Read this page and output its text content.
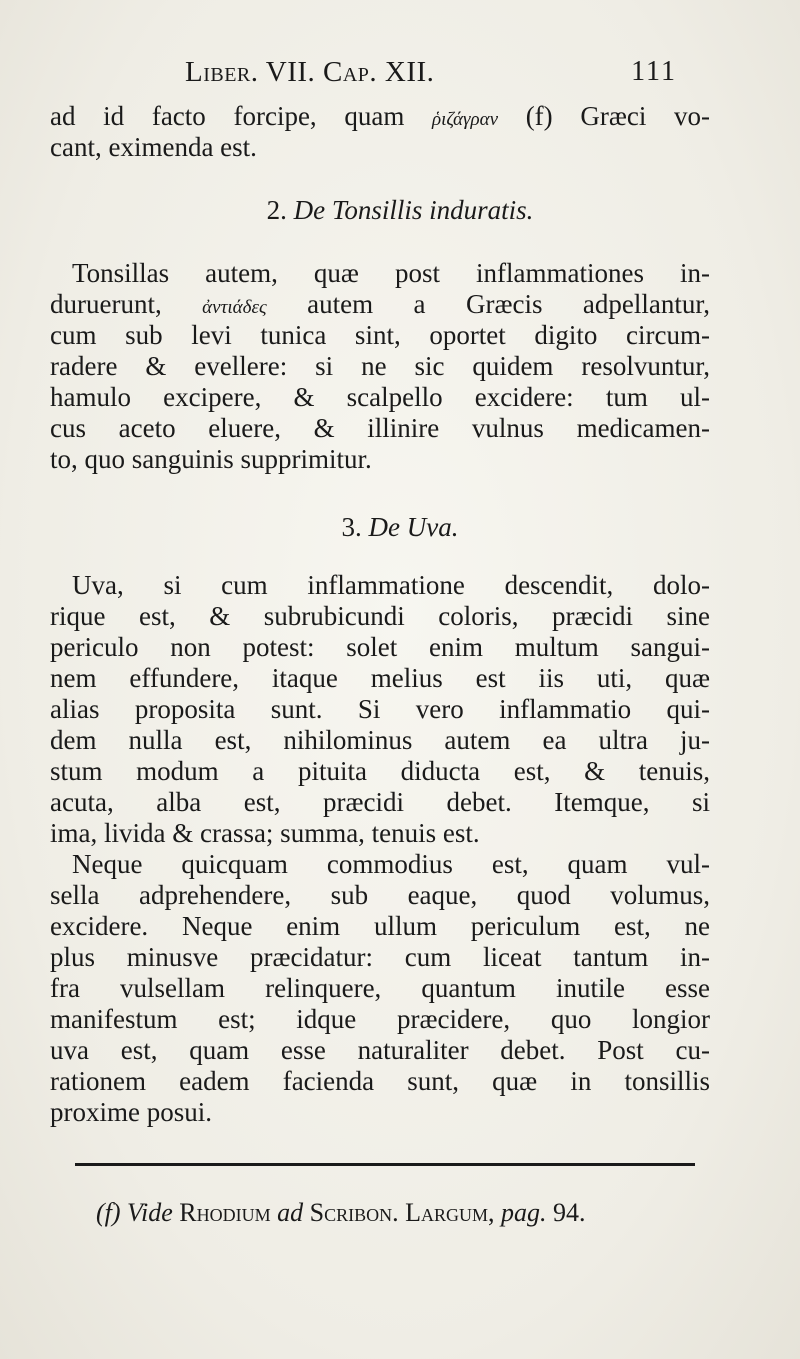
Liber. VII. Cap. XII.	111
ad id facto forcipe, quam ῥιζάγραν (f) Græci vo-
cant, eximenda est.
2. De Tonsillis induratis.
Tonsillas autem, quæ post inflammationes in-
duruerunt, ἀντιάδες autem a Græcis adpellantur,
cum sub levi tunica sint, oportet digito circum-
radere & evellere: si ne sic quidem resolvuntur,
hamulo excipere, & scalpello excidere: tum ul-
cus aceto eluere, & illinire vulnus medicamen-
to, quo sanguinis supprimitur.
3. De Uva.
Uva, si cum inflammatione descendit, dolo-
rique est, & subrubicundi coloris, præcidi sine
periculo non potest: solet enim multum sangui-
nem effundere, itaque melius est iis uti, quæ
alias proposita sunt. Si vero inflammatio qui-
dem nulla est, nihilominus autem ea ultra ju-
stum modum a pituita diducta est, & tenuis,
acuta, alba est, præcidi debet. Itemque, si
ima, livida & crassa; summa, tenuis est.
Neque quicquam commodius est, quam vul-
sella adprehendere, sub eaque, quod volumus,
excidere. Neque enim ullum periculum est, ne
plus minusve præcidatur: cum liceat tantum in-
fra vulsellam relinquere, quantum inutile esse
manifestum est; idque præcidere, quo longior
uva est, quam esse naturaliter debet. Post cu-
rationem eadem facienda sunt, quæ in tonsillis
proxime posui.
(f) Vide Rhodium ad Scribon. Largum, pag. 94.
